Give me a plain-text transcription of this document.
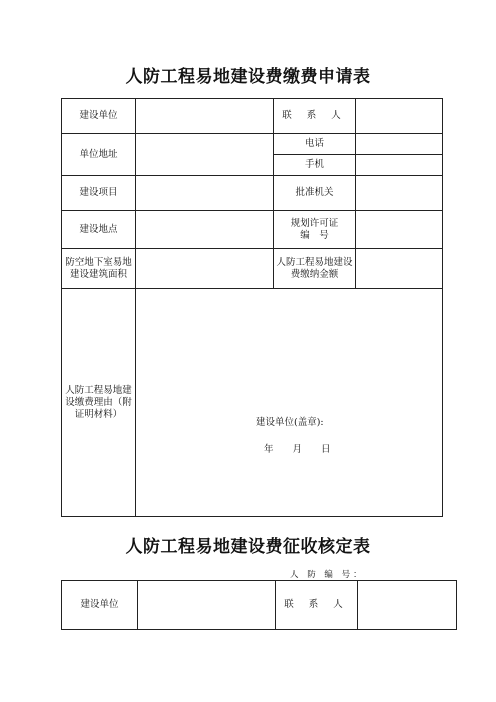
人防工程易地建设费缴费申请表
建设单位		联 系 人	
单位地址		电话	
		手机	
建设项目		批准机关	
建设地点		规划许可证
编　号	

防空地下室易地建设建筑面积		人防工程易地建设费缴纳金额	
人防工程易地建设缴费理由（附证明材料）	建设单位(盖章):
年　　月　　日		
人防工程易地建设费征收核定表
人 防 编 号：
建设单位		联 系 人	
